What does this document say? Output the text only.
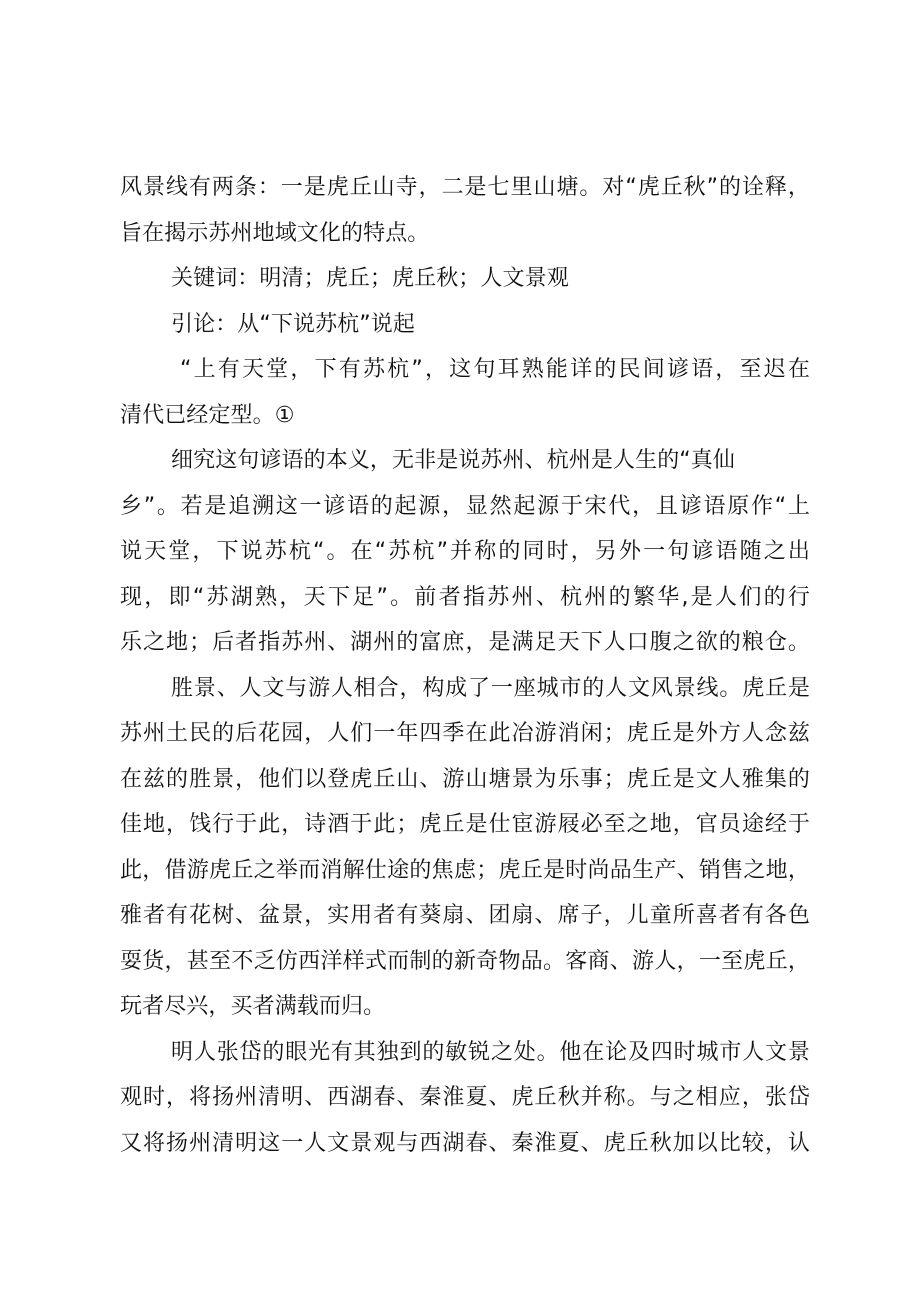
风景线有两条：一是虎丘山寺，二是七里山塘。对“虎丘秋”的诠释，
旨在揭示苏州地域文化的特点。
关键词：明清；虎丘；虎丘秋；人文景观
引论：从“下说苏杭”说起
“上有天堂，下有苏杭”，这句耳熟能详的民间谚语，至迟在
清代已经定型。①
细究这句谚语的本义，无非是说苏州、杭州是人生的“真仙
乡”。若是追溯这一谚语的起源，显然起源于宋代，且谚语原作“上
说天堂，下说苏杭“。在“苏杭”并称的同时，另外一句谚语随之出
现，即“苏湖熟，天下足”。前者指苏州、杭州的繁华,是人们的行
乐之地；后者指苏州、湖州的富庶，是满足天下人口腹之欲的粮仓。
胜景、人文与游人相合，构成了一座城市的人文风景线。虎丘是
苏州土民的后花园，人们一年四季在此冶游消闲；虎丘是外方人念兹
在兹的胜景，他们以登虎丘山、游山塘景为乐事；虎丘是文人雅集的
佳地，饯行于此，诗酒于此；虎丘是仕宦游屐必至之地，官员途经于
此，借游虎丘之举而消解仕途的焦虑；虎丘是时尚品生产、销售之地，
雅者有花树、盆景，实用者有葵扇、团扇、席子，儿童所喜者有各色
耍货，甚至不乏仿西洋样式而制的新奇物品。客商、游人，一至虎丘，
玩者尽兴，买者满载而归。
明人张岱的眼光有其独到的敏锐之处。他在论及四时城市人文景
观时，将扬州清明、西湖春、秦淮夏、虎丘秋并称。与之相应，张岱
又将扬州清明这一人文景观与西湖春、秦淮夏、虎丘秋加以比较，认
